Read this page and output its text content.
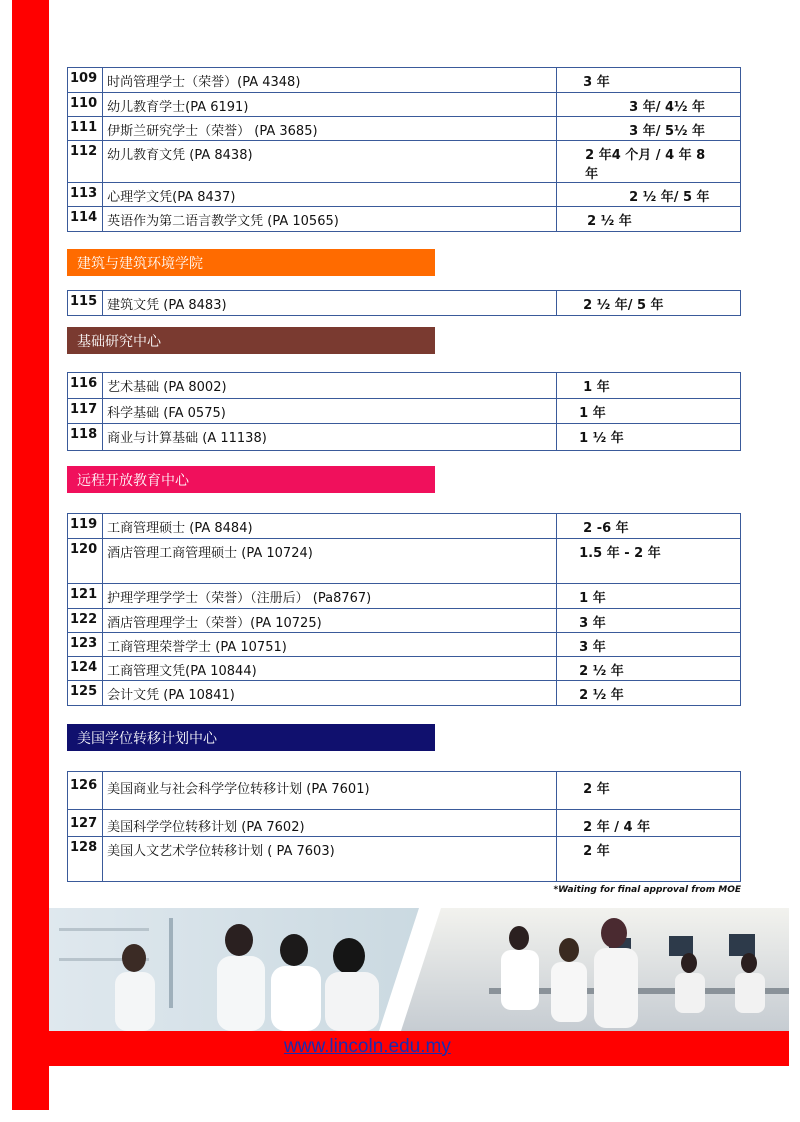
109	时尚管理学士（荣誉）(PA 4348)	3 年
110	幼儿教育学士(PA 6191)	3 年/ 4½ 年
111	伊斯兰研究学士（荣誉） (PA 3685)	3 年/ 5½ 年
112	幼儿教育文凭 (PA 8438)	2 年4 个月 / 4 年 8 年
113	心理学文凭(PA 8437)	2 ½ 年/ 5 年
114	英语作为第二语言教学文凭 (PA 10565)	2 ½ 年
建筑与建筑环境学院
115	建筑文凭 (PA 8483)	2 ½ 年/ 5 年
基础研究中心
116	艺术基础 (PA 8002)	1 年
117	科学基础 (FA 0575)	1 年
118	商业与计算基础 (A 11138)	1 ½ 年
远程开放教育中心
119	工商管理硕士 (PA 8484)	2 -6 年
120	酒店管理工商管理硕士 (PA 10724)	1.5 年 - 2 年
121	护理学理学学士（荣誉）（注册后） (Pa8767)	1 年
122	酒店管理理学士（荣誉）(PA 10725)	3 年
123	工商管理荣誉学士 (PA 10751)	3 年
124	工商管理文凭(PA 10844)	2 ½ 年
125	会计文凭 (PA 10841)	2 ½ 年
美国学位转移计划中心
126	美国商业与社会科学学位转移计划 (PA 7601)	2 年
127	美国科学学位转移计划 (PA 7602)	2 年 / 4 年
128	美国人文艺术学位转移计划 ( PA 7603)	2 年
*Waiting for final approval from MOE
www.lincoln.edu.my
